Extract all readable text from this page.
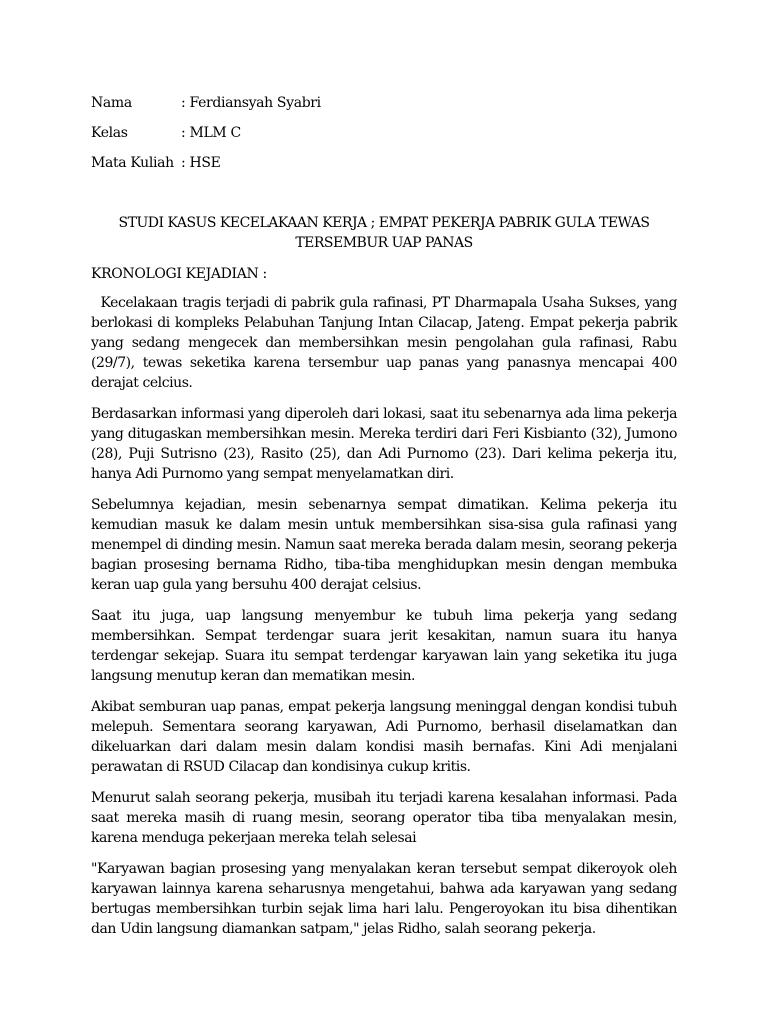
Nama	: Ferdiansyah Syabri
Kelas	: MLM C
Mata Kuliah : HSE
STUDI KASUS KECELAKAAN KERJA ; EMPAT PEKERJA PABRIK GULA TEWAS TERSEMBUR UAP PANAS
KRONOLOGI KEJADIAN :

Kecelakaan tragis terjadi di pabrik gula rafinasi, PT Dharmapala Usaha Sukses, yang berlokasi di kompleks Pelabuhan Tanjung Intan Cilacap, Jateng. Empat pekerja pabrik yang sedang mengecek dan membersihkan mesin pengolahan gula rafinasi, Rabu (29/7), tewas seketika karena tersembur uap panas yang panasnya mencapai 400 derajat celcius.

Berdasarkan informasi yang diperoleh dari lokasi, saat itu sebenarnya ada lima pekerja yang ditugaskan membersihkan mesin. Mereka terdiri dari Feri Kisbianto (32), Jumono (28), Puji Sutrisno (23), Rasito (25), dan Adi Purnomo (23). Dari kelima pekerja itu, hanya Adi Purnomo yang sempat menyelamatkan diri.

Sebelumnya kejadian, mesin sebenarnya sempat dimatikan. Kelima pekerja itu kemudian masuk ke dalam mesin untuk membersihkan sisa-sisa gula rafinasi yang menempel di dinding mesin. Namun saat mereka berada dalam mesin, seorang pekerja bagian prosesing bernama Ridho, tiba-tiba menghidupkan mesin dengan membuka keran uap gula yang bersuhu 400 derajat celsius.

Saat itu juga, uap langsung menyembur ke tubuh lima pekerja yang sedang membersihkan. Sempat terdengar suara jerit kesakitan, namun suara itu hanya terdengar sekejap. Suara itu sempat terdengar karyawan lain yang seketika itu juga langsung menutup keran dan mematikan mesin.

Akibat semburan uap panas, empat pekerja langsung meninggal dengan kondisi tubuh melepuh. Sementara seorang karyawan, Adi Purnomo, berhasil diselamatkan dan dikeluarkan dari dalam mesin dalam kondisi masih bernafas. Kini Adi menjalani perawatan di RSUD Cilacap dan kondisinya cukup kritis.

Menurut salah seorang pekerja, musibah itu terjadi karena kesalahan informasi. Pada saat mereka masih di ruang mesin, seorang operator tiba tiba menyalakan mesin, karena menduga pekerjaan mereka telah selesai

"Karyawan bagian prosesing yang menyalakan keran tersebut sempat dikeroyok oleh karyawan lainnya karena seharusnya mengetahui, bahwa ada karyawan yang sedang bertugas membersihkan turbin sejak lima hari lalu. Pengeroyokan itu bisa dihentikan dan Udin langsung diamankan satpam," jelas Ridho, salah seorang pekerja.
